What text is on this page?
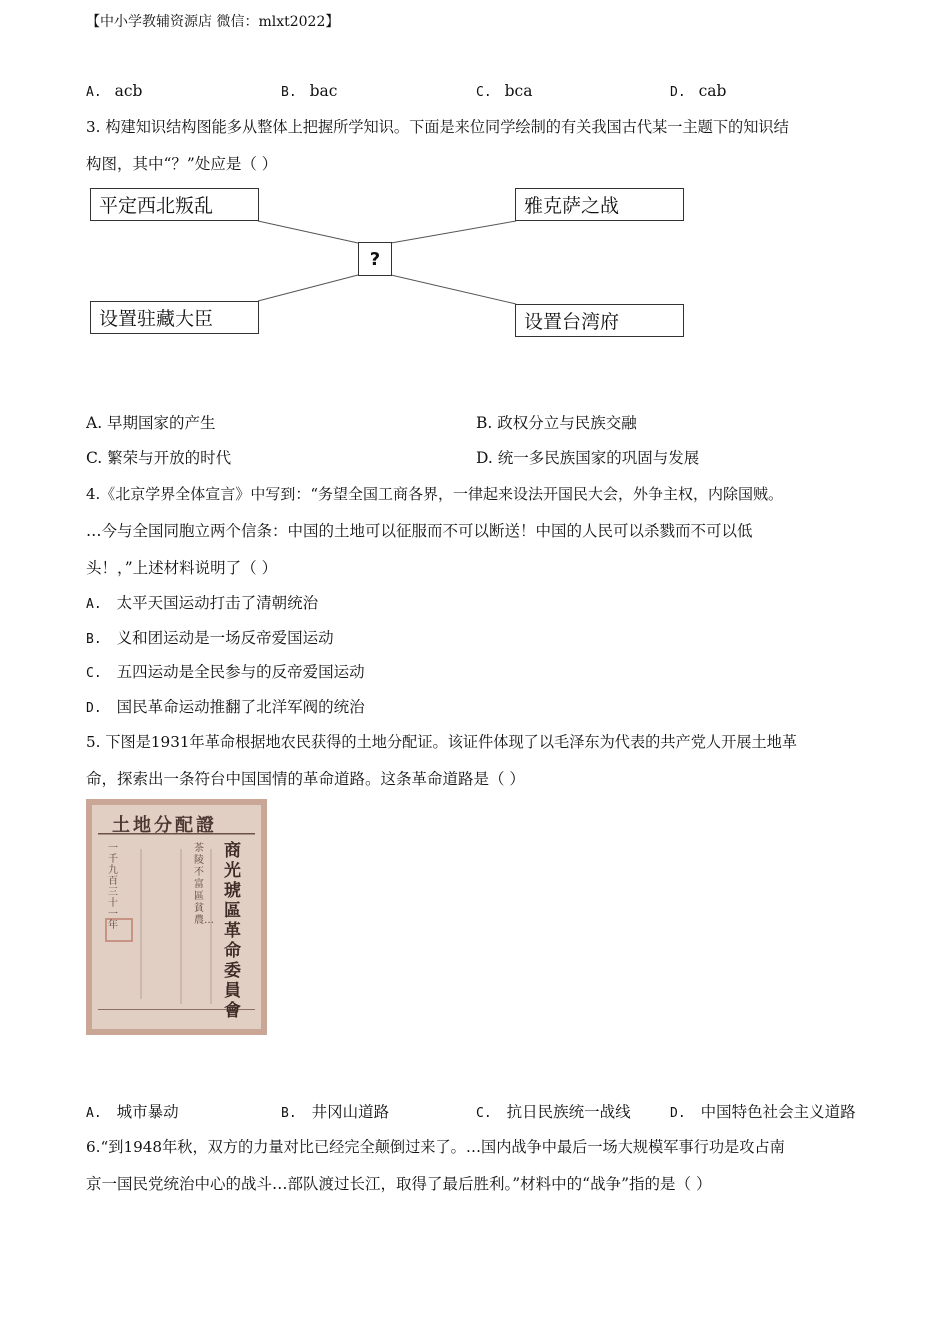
【中小学教辅资源店 微信：mlxt2022】
A. acb	B. bac	C. bca	D. cab
3. 构建知识结构图能多从整体上把握所学知识。下面是来位同学绘制的有关我国古代某一主题下的知识结
构图，其中“？”处应是（ ）
平定西北叛乱	雅克萨之战
?
设置驻藏大臣	设置台湾府
A. 早期国家的产生	B. 政权分立与民族交融
C. 繁荣与开放的时代	D. 统一多民族国家的巩固与发展
4.《北京学界全体宣言》中写到：“务望全国工商各界，一律起来设法开国民大会，外争主权，内除国贼。
…今与全国同胞立两个信条：中国的土地可以征服而不可以断送！中国的人民可以杀戮而不可以低
头！，”上述材料说明了（ ）
A. 太平天国运动打击了清朝统治
B. 义和团运动是一场反帝爱国运动
C. 五四运动是全民参与的反帝爱国运动
D. 国民革命运动推翻了北洋军阀的统治
5. 下图是1931年革命根据地农民获得的土地分配证。该证件体现了以毛泽东为代表的共产党人开展土地革
命，探索出一条符台中国国情的革命道路。这条革命道路是（ ）
土地分配證
商光琥區革命委員會
茶陵不富區貧農…
一千九百三十一年
A. 城市暴动	B. 井冈山道路	C. 抗日民族统一战线	D. 中国特色社会主义道路
6.“到1948年秋，双方的力量对比已经完全颠倒过来了。…国内战争中最后一场大规模军事行功是攻占南
京一国民党统治中心的战斗…部队渡过长江，取得了最后胜利。”材料中的“战争”指的是（ ）
